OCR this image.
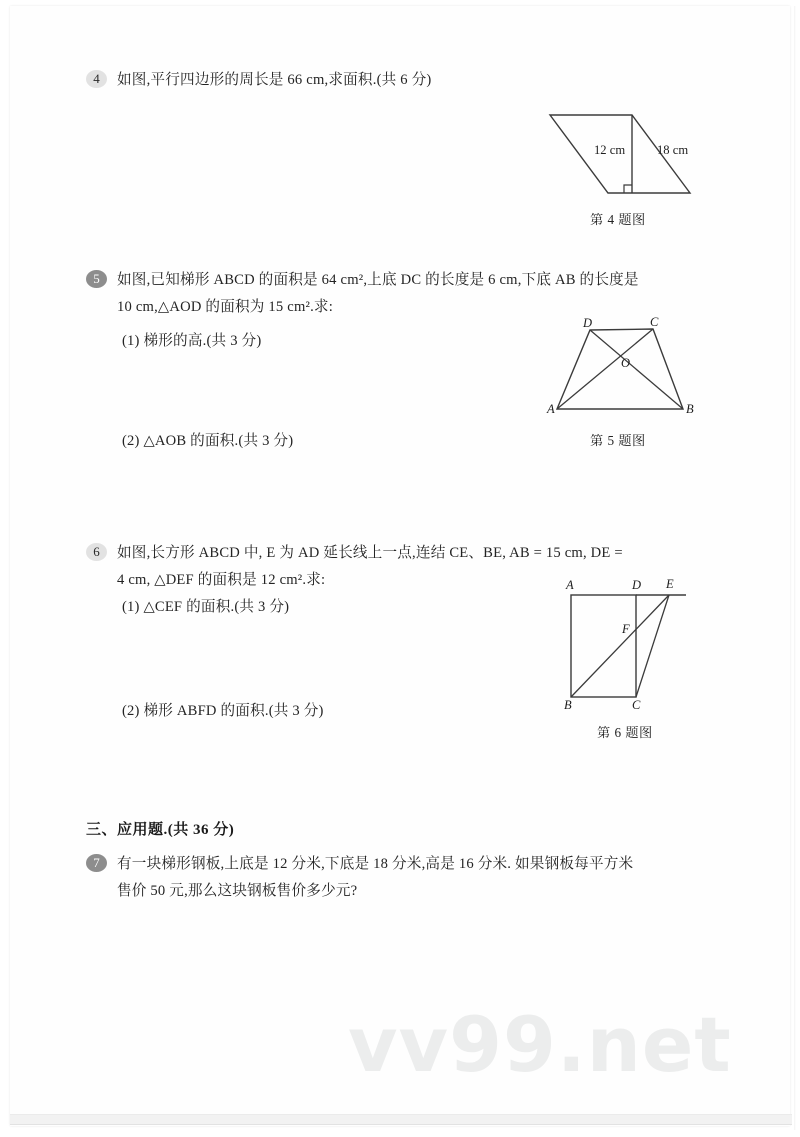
4	如图,平行四边形的周长是 66 cm,求面积.(共 6 分)
12 cm	18 cm
第 4 题图
5	如图,已知梯形 ABCD 的面积是 64 cm²,上底 DC 的长度是 6 cm,下底 AB 的长度是
10 cm,△AOD 的面积为 15 cm².求:
(1) 梯形的高.(共 3 分)
(2) △AOB 的面积.(共 3 分)
D	C
O
A	B
第 5 题图
6	如图,长方形 ABCD 中, E 为 AD 延长线上一点,连结 CE、BE, AB = 15 cm, DE =
4 cm, △DEF 的面积是 12 cm².求:
(1) △CEF 的面积.(共 3 分)
(2) 梯形 ABFD 的面积.(共 3 分)
A	D E
F
B	C
第 6 题图
三、应用题.(共 36 分)
7	有一块梯形钢板,上底是 12 分米,下底是 18 分米,高是 16 分米. 如果钢板每平方米
售价 50 元,那么这块钢板售价多少元?
vv99.net
